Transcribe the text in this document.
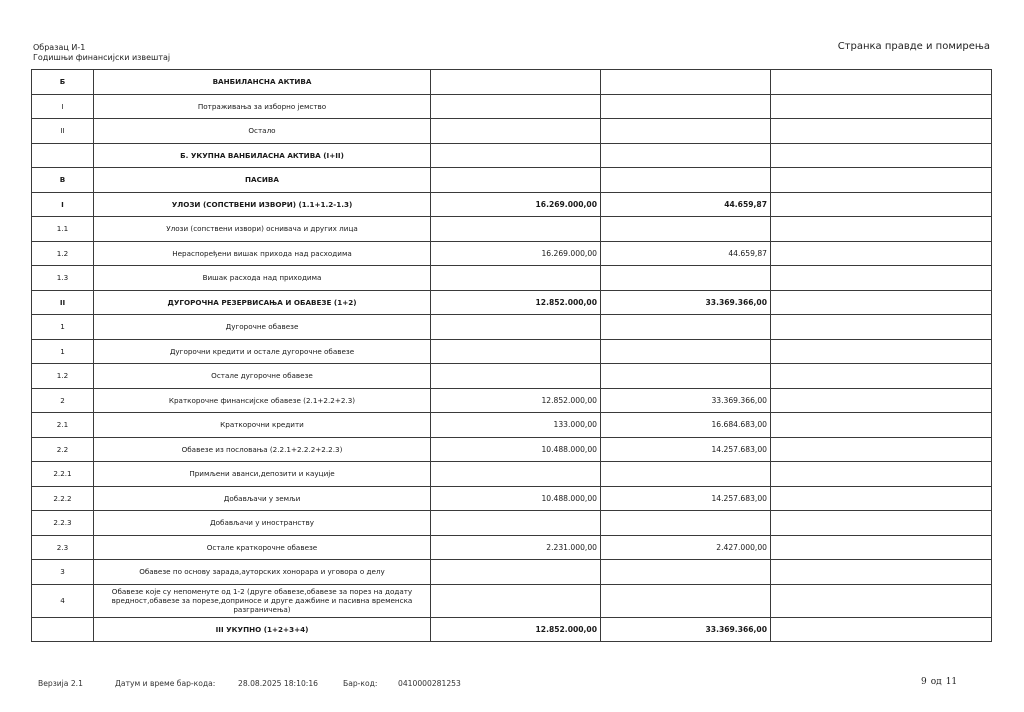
Образац И-1
Годишњи финансијски извештај
Странка правде и помирења
Б	ВАНБИЛАНСНА АКТИВА			
I	Потраживања за изборно јемство			
II	Остало			
	Б. УКУПНА ВАНБИЛАСНА АКТИВА (I+II)			
В	ПАСИВА			
I	УЛОЗИ (СОПСТВЕНИ ИЗВОРИ) (1.1+1.2-1.3)	16.269.000,00	44.659,87	
1.1	Улози (сопствени извори) оснивача и других лица			
1.2	Нераспоређени вишак прихода над расходима	16.269.000,00	44.659,87	
1.3	Вишак расхода над приходима			
II	ДУГОРОЧНА РЕЗЕРВИСАЊА И ОБАВЕЗЕ (1+2)	12.852.000,00	33.369.366,00	
1	Дугорочне обавезе			
1	Дугорочни кредити и остале дугорочне обавезе			
1.2	Остале дугорочне обавезе			
2	Краткорочне финансијске обавезе (2.1+2.2+2.3)	12.852.000,00	33.369.366,00	
2.1	Краткорочни кредити	133.000,00	16.684.683,00	
2.2	Обавезе из пословања (2.2.1+2.2.2+2.2.3)	10.488.000,00	14.257.683,00	
2.2.1	Примљени аванси,депозити и кауције			
2.2.2	Добављачи у земљи	10.488.000,00	14.257.683,00	
2.2.3	Добављачи у иностранству			
2.3	Остале краткорочне обавезе	2.231.000,00	2.427.000,00	
3	Обавезе по основу зарада,ауторских хонорара и уговора о делу			
4	Обавезе које су непоменуте од 1-2 (друге обавезе,обавезе за порез на додату вредност,обавезе за порезе,доприносе и друге дажбине и пасивна временска разграничења)			
	III УКУПНО (1+2+3+4)	12.852.000,00	33.369.366,00	
Верзија 2.1	Датум и време бар-кода:	28.08.2025 18:10:16	Бар-код:	0410000281253	9 од 11
